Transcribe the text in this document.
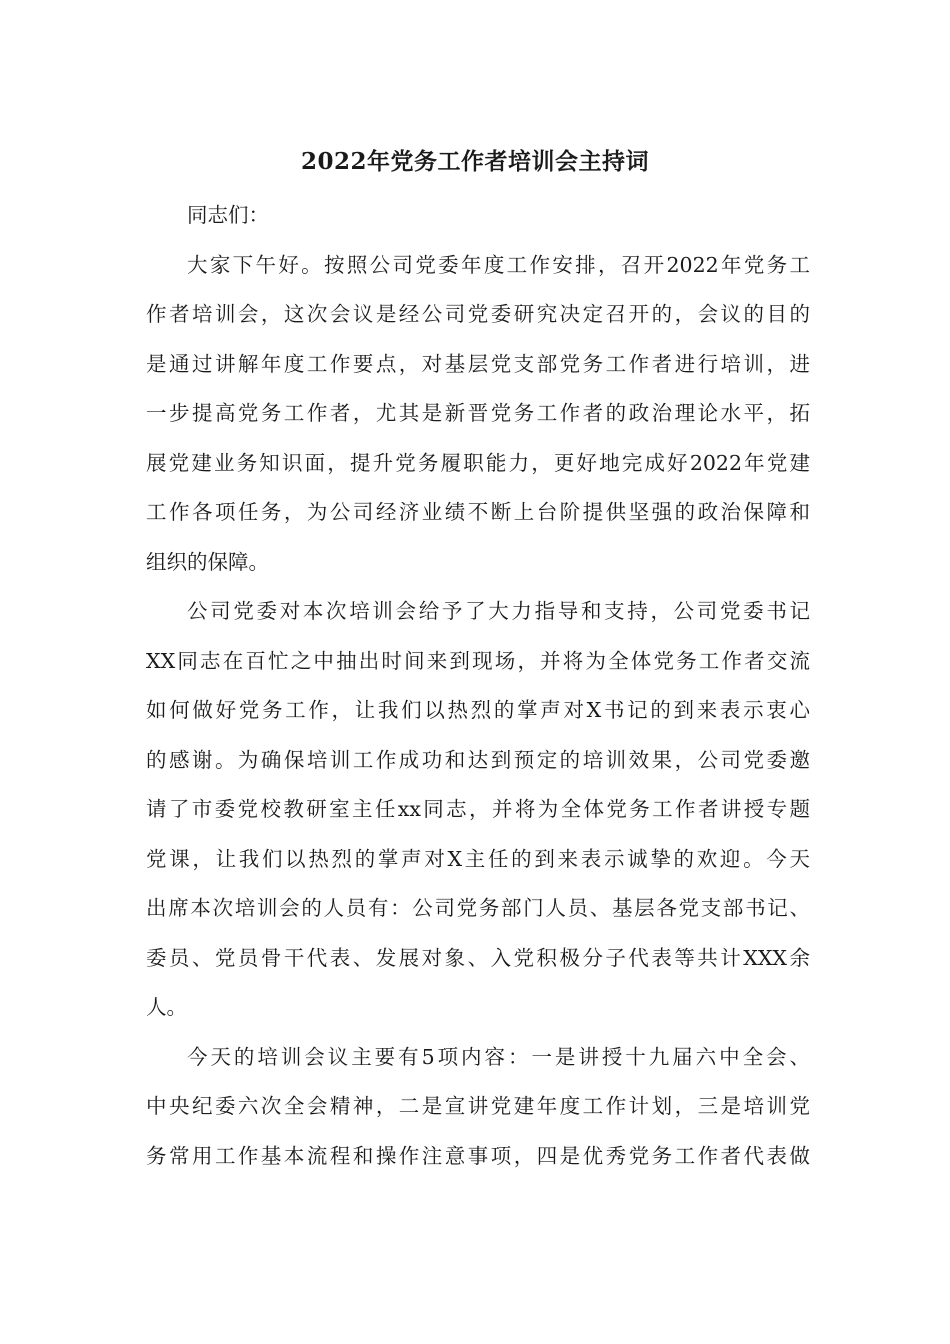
2022年党务工作者培训会主持词
同志们：
大家下午好。按照公司党委年度工作安排，召开2022年党务工
作者培训会，这次会议是经公司党委研究决定召开的，会议的目的
是通过讲解年度工作要点，对基层党支部党务工作者进行培训，进
一步提高党务工作者，尤其是新晋党务工作者的政治理论水平，拓
展党建业务知识面，提升党务履职能力，更好地完成好2022年党建
工作各项任务，为公司经济业绩不断上台阶提供坚强的政治保障和
组织的保障。
公司党委对本次培训会给予了大力指导和支持，公司党委书记
XX同志在百忙之中抽出时间来到现场，并将为全体党务工作者交流
如何做好党务工作，让我们以热烈的掌声对X书记的到来表示衷心
的感谢。为确保培训工作成功和达到预定的培训效果，公司党委邀
请了市委党校教研室主任xx同志，并将为全体党务工作者讲授专题
党课，让我们以热烈的掌声对X主任的到来表示诚挚的欢迎。今天
出席本次培训会的人员有：公司党务部门人员、基层各党支部书记、
委员、党员骨干代表、发展对象、入党积极分子代表等共计XXX余
人。
今天的培训会议主要有5项内容：一是讲授十九届六中全会、
中央纪委六次全会精神，二是宣讲党建年度工作计划，三是培训党
务常用工作基本流程和操作注意事项，四是优秀党务工作者代表做
